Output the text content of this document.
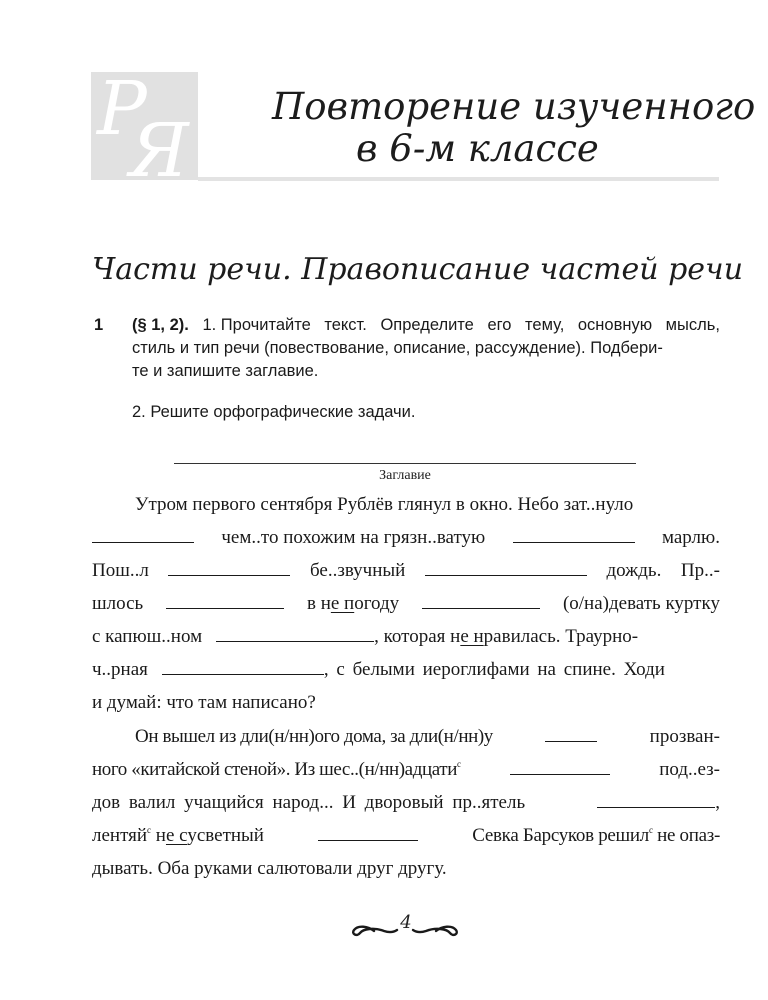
Р
Я
Повторение изученного
в 6-м классе
Части речи. Правописание частей речи
1 (§ 1, 2). 1. Прочитайте текст. Определите его тему, основную мысль,
стиль и тип речи (повествование, описание, рассуждение). Подбери-
те и запишите заглавие.
2. Решите орфографические задачи.
Заглавие
Утром первого сентября Рублёв глянул в окно. Небо зат..нуло
чем..то похожим на грязн..ватую	марлю.
Пош..л	бе..звучный	дождь. Пр..-
шлось	в не погоду	(о/на)девать куртку
с капюш..ном	, которая не нравилась. Траурно-
ч..рная	, с белыми иероглифами на спине. Ходи
и думай: что там написано?
Он вышел из дли(н/нн)ого дома, за дли(н/нн)у	прозван-
ного «китайской стеной». Из шес..(н/нн)адцати$^с$	под..ез-
дов валил учащийся народ... И дворовый пр..ятель	,
лентяй$^с$ не сусветный	Севка Барсуков решил$^с$ не опаз-
дывать. Оба руками салютовали друг другу.
4
